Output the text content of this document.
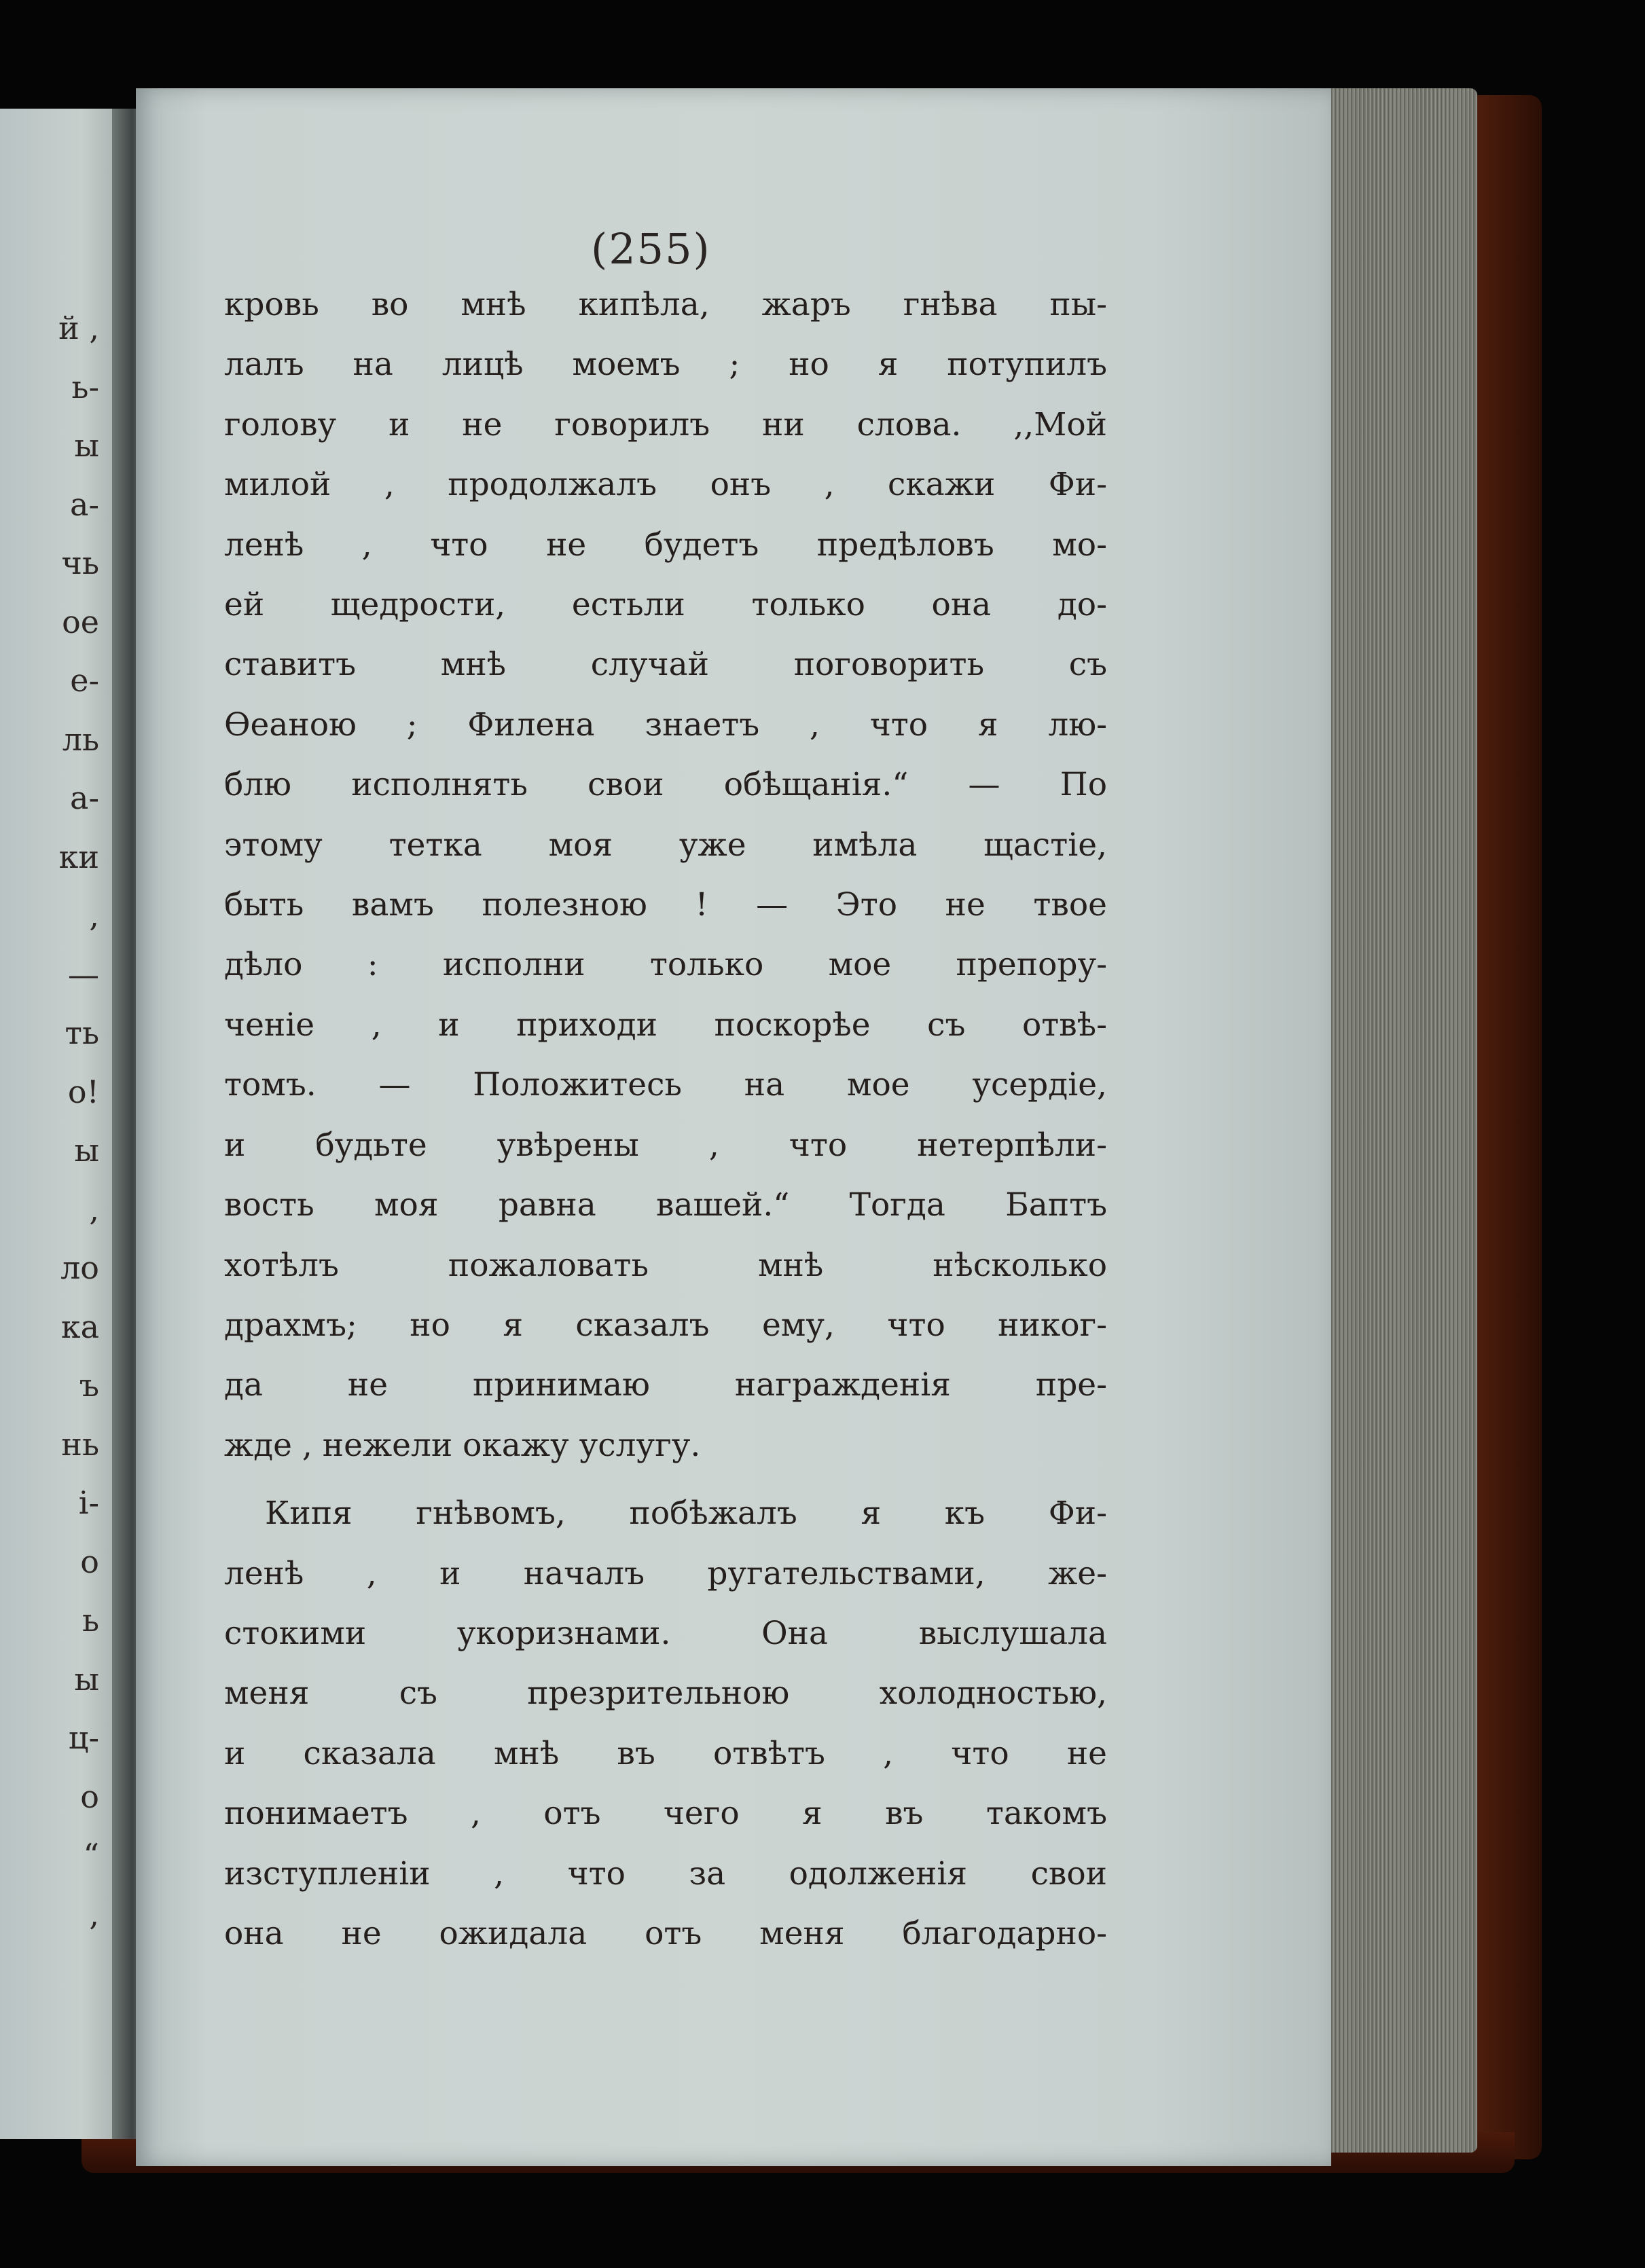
й ,
ь-
ы
а-
чь
ое
е-
ль
а-
ки
,
—
ть
о!
ы
,
ло
ка
ъ
нь
і-
о
ь
ы
ц-
о
“
,
(255)
кровь во мнѣ кипѣла, жаръ гнѣва пы-
лалъ на лицѣ моемъ ; но я потупилъ
голову и не говорилъ ни слова. ,,Мой
милой , продолжалъ онъ , скажи Фи-
ленѣ , что не будетъ предѣловъ мо-
ей щедрости, естьли только она до-
ставитъ мнѣ случай поговорить съ
Ѳеаною ; Филена знаетъ , что я лю-
блю исполнять свои обѣщанія.“ — По
этому тетка моя уже имѣла щастіе,
быть вамъ полезною ! — Это не твое
дѣло : исполни только мое препору-
ченіе , и приходи поскорѣе съ отвѣ-
томъ. — Положитесь на мое усердіе,
и будьте увѣрены , что нетерпѣли-
вость моя равна вашей.“ Тогда Баптъ
хотѣлъ пожаловать мнѣ нѣсколько
драхмъ; но я сказалъ ему, что никог-
да не принимаю награжденія пре-
жде , нежели окажу услугу.
Кипя гнѣвомъ, побѣжалъ я къ Фи-
ленѣ , и началъ ругательствами, же-
стокими укоризнами. Она выслушала
меня съ презрительною холодностью,
и сказала мнѣ въ отвѣтъ , что не
понимаетъ , отъ чего я въ такомъ
изступленіи , что за одолженія свои
она не ожидала отъ меня благодарно-
